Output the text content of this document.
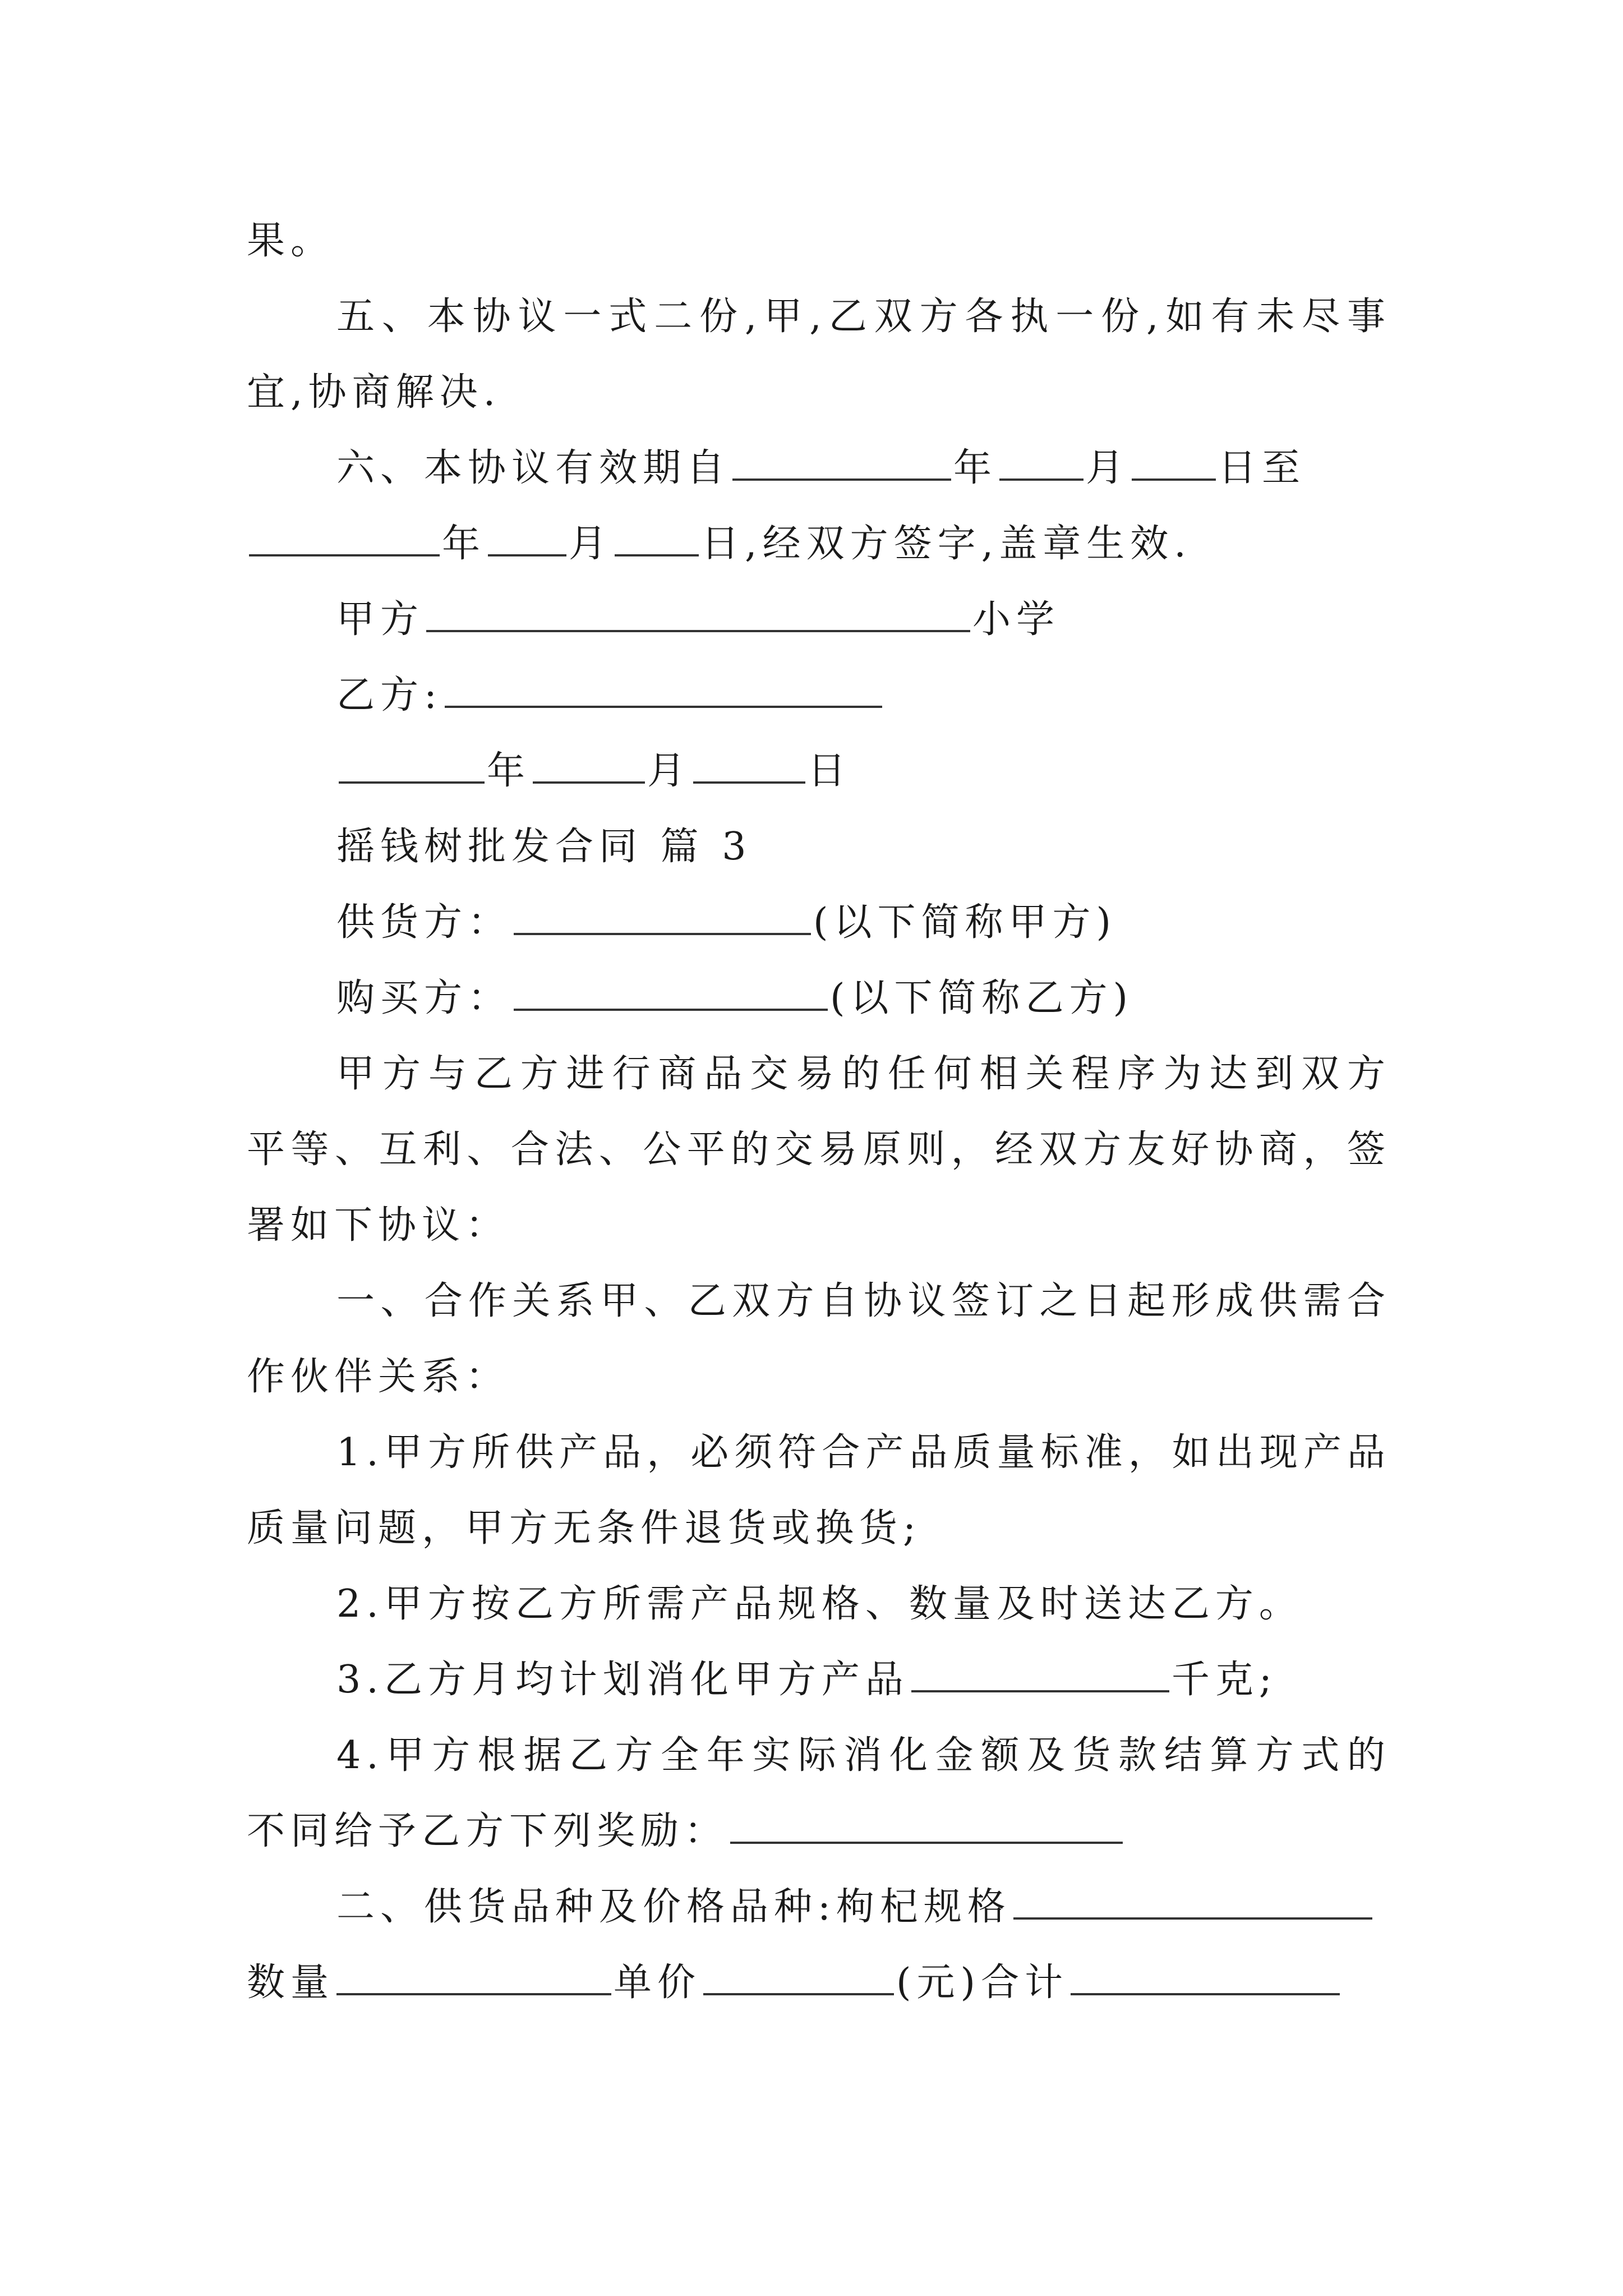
果。
五、本协议一式二份,甲,乙双方各执一份,如有未尽事
宜,协商解决.
六、本协议有效期自	年 月 日至
年 月 日,经双方签字,盖章生效.
甲方	小学
乙方:
年	月	日
摇钱树批发合同 篇 3
供货方：	(以下简称甲方)
购买方：	(以下简称乙方)
甲方与乙方进行商品交易的任何相关程序为达到双方
平等、互利、合法、公平的交易原则，经双方友好协商，签
署如下协议：
一、合作关系甲、乙双方自协议签订之日起形成供需合
作伙伴关系：
1.甲方所供产品，必须符合产品质量标准，如出现产品
质量问题，甲方无条件退货或换货;
2.甲方按乙方所需产品规格、数量及时送达乙方。
3.乙方月均计划消化甲方产品	千克;
4.甲方根据乙方全年实际消化金额及货款结算方式的
不同给予乙方下列奖励：
二、供货品种及价格品种:枸杞规格
数量	单价	(元)合计
